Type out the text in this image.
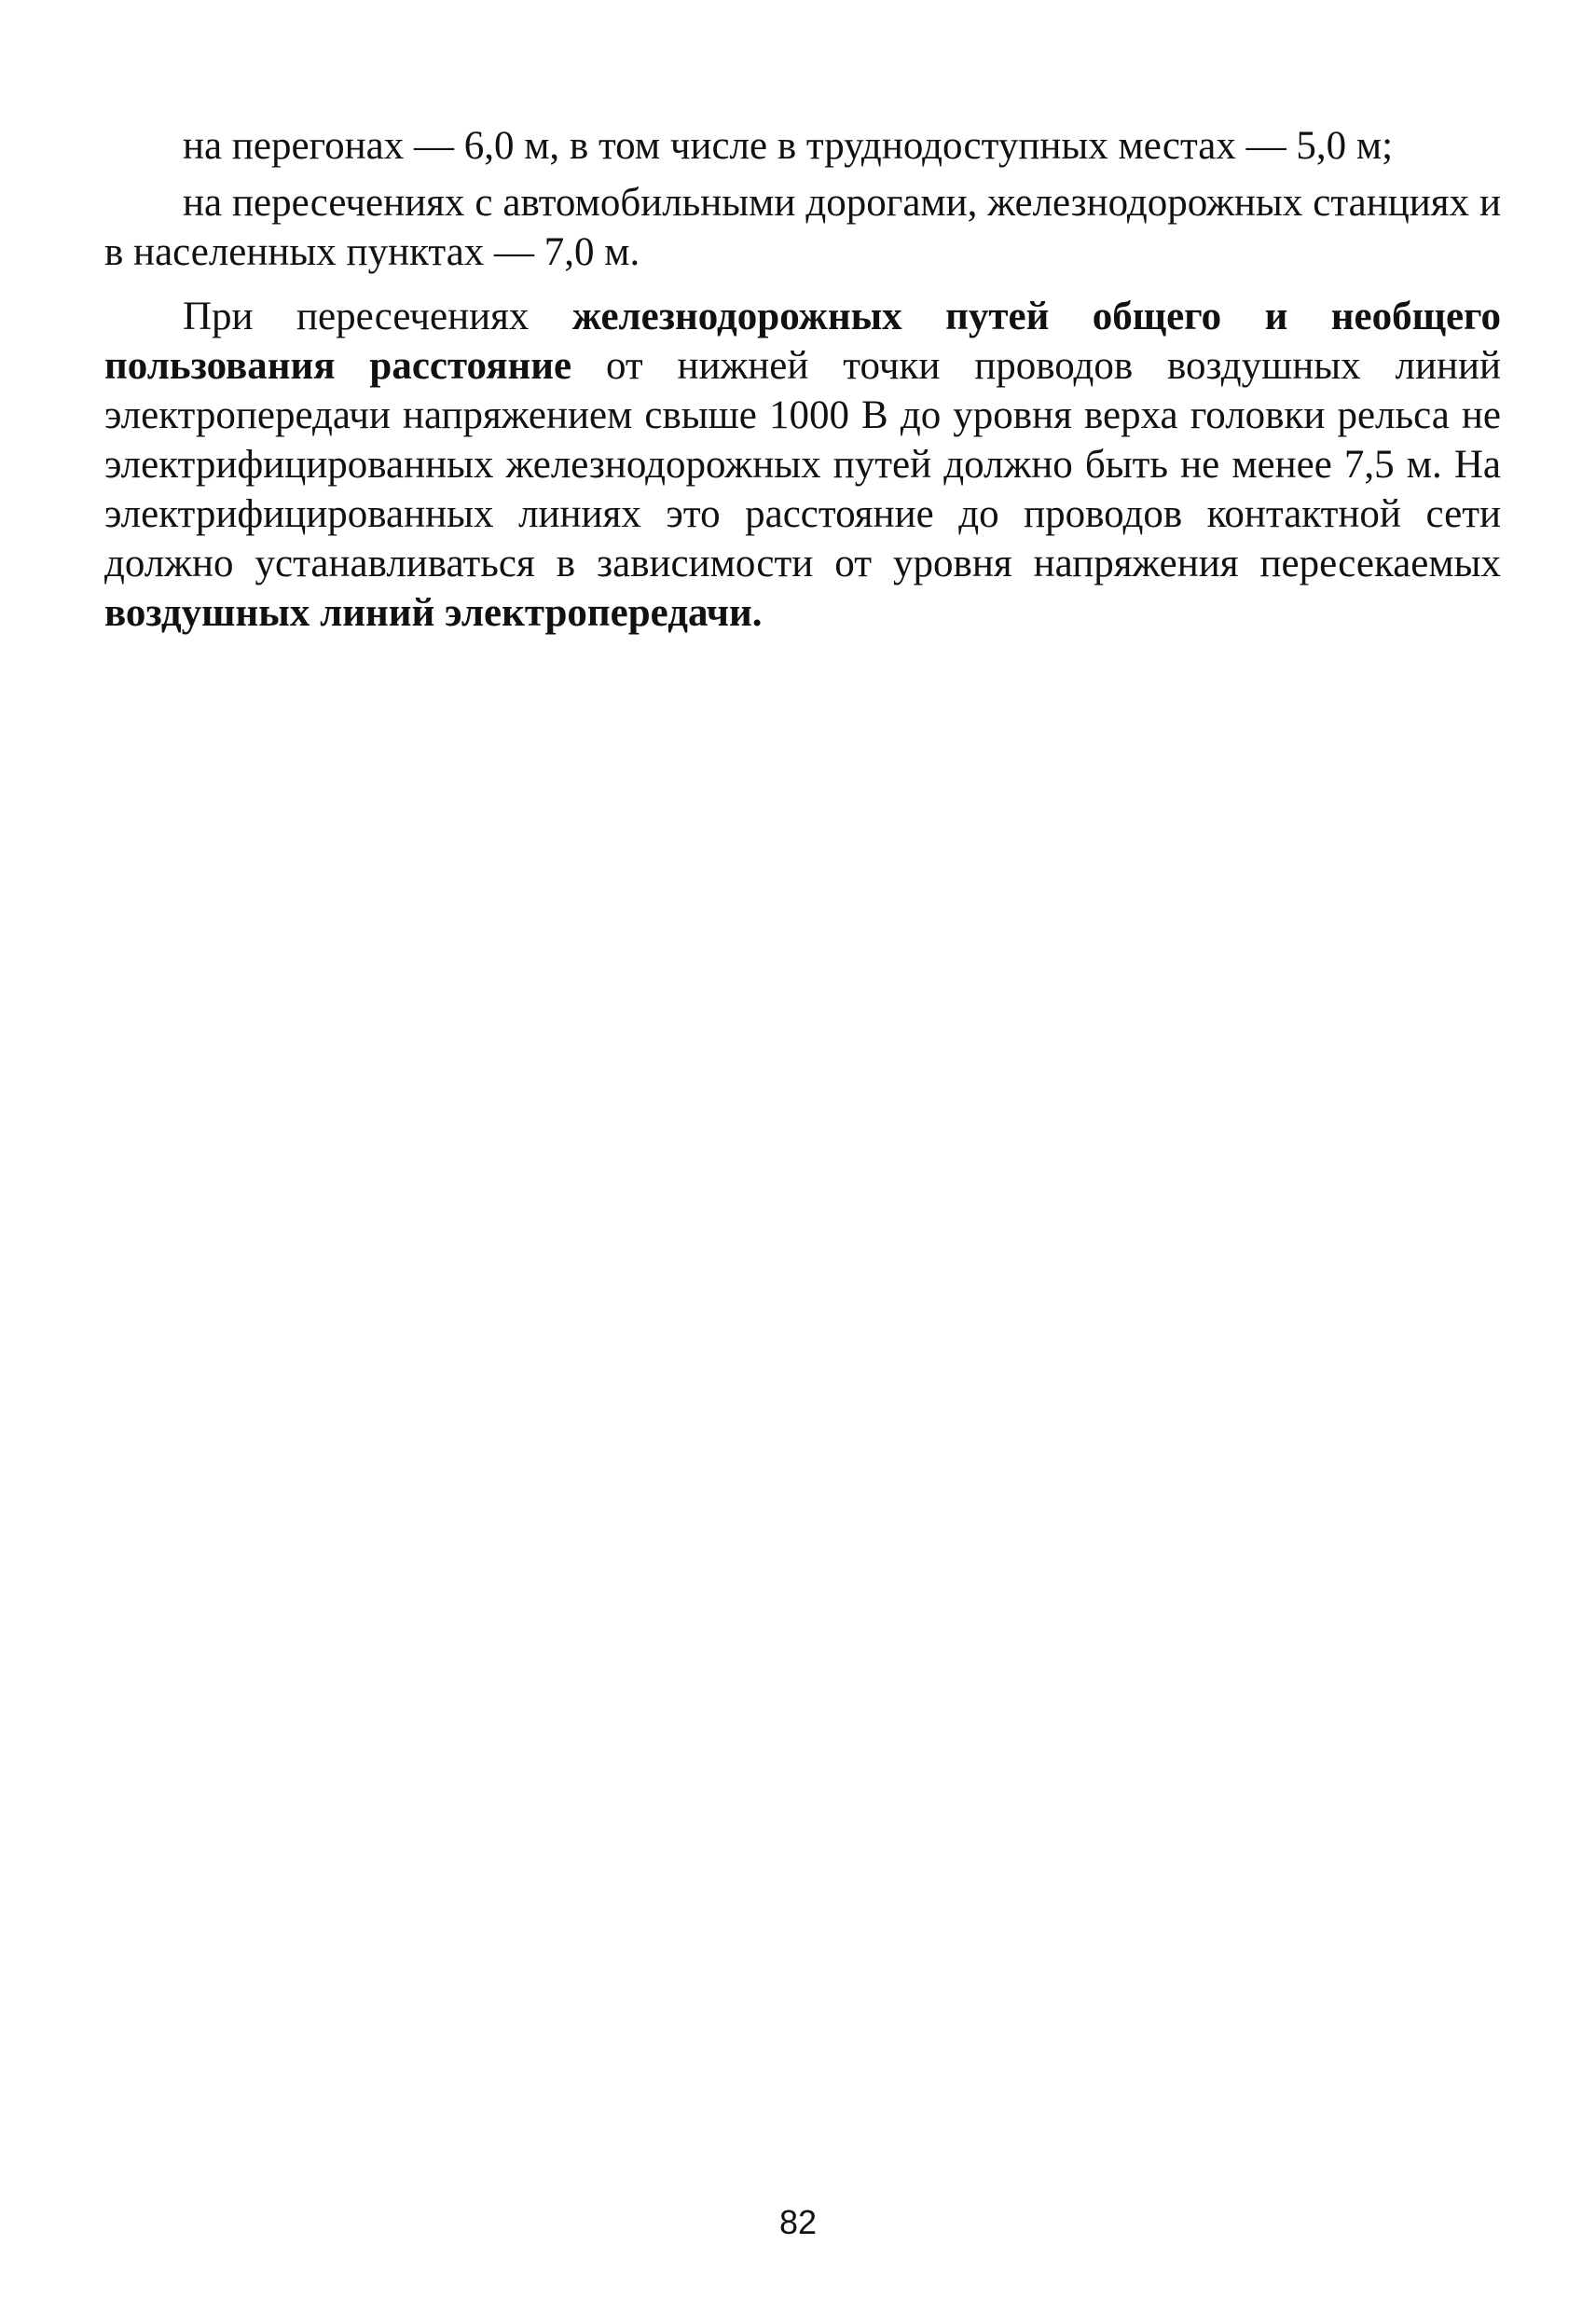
на перегонах — 6,0 м, в том числе в труднодоступных местах — 5,0 м;

на пересечениях с автомобильными дорогами, железнодорожных станциях и в населенных пунктах — 7,0 м.

При пересечениях железнодорожных путей общего и необщего пользования расстояние от нижней точки проводов воздушных линий электропередачи напряжением свыше 1000 В до уровня верха головки рельса не электрифицированных железнодорожных путей должно быть не менее 7,5 м. На электрифицированных линиях это расстояние до проводов контактной сети должно устанавливаться в зависимости от уровня напряжения пересекаемых воздушных линий электропередачи.

82
